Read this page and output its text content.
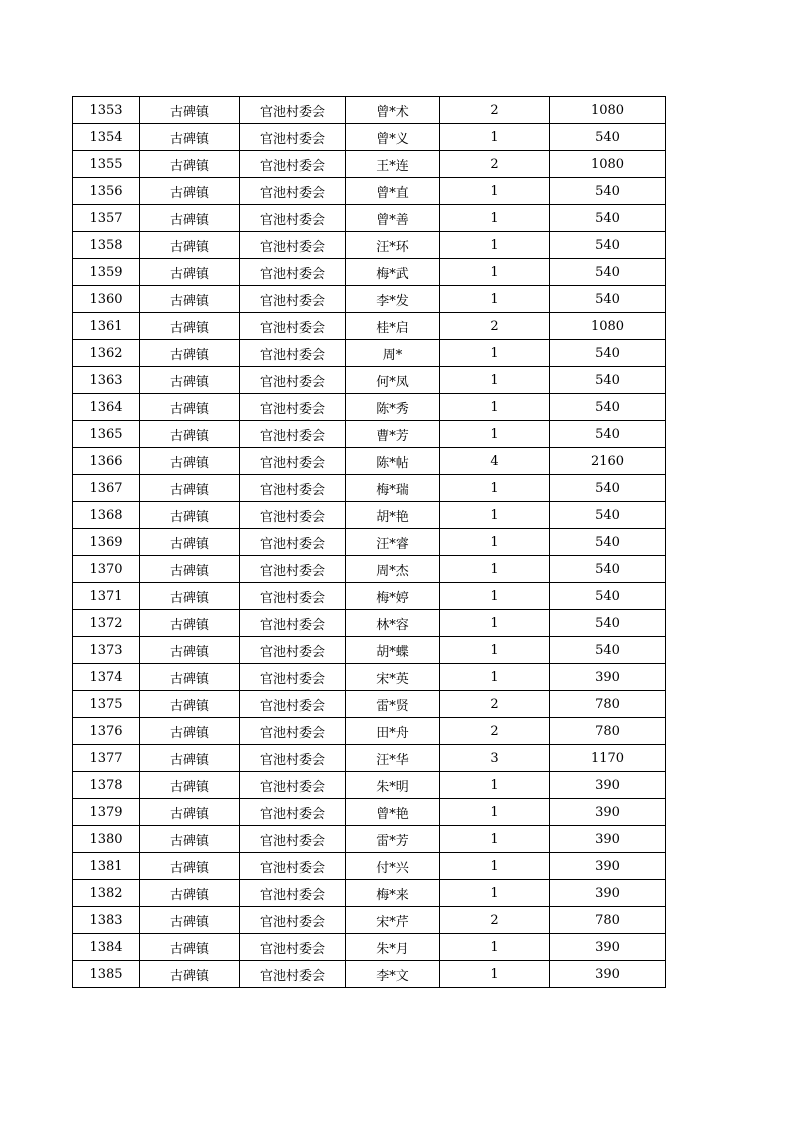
1353	古碑镇	官池村委会	曾*术	2	1080
1354	古碑镇	官池村委会	曾*义	1	540
1355	古碑镇	官池村委会	王*连	2	1080
1356	古碑镇	官池村委会	曾*直	1	540
1357	古碑镇	官池村委会	曾*善	1	540
1358	古碑镇	官池村委会	汪*环	1	540
1359	古碑镇	官池村委会	梅*武	1	540
1360	古碑镇	官池村委会	李*发	1	540
1361	古碑镇	官池村委会	桂*启	2	1080
1362	古碑镇	官池村委会	周*	1	540
1363	古碑镇	官池村委会	何*凤	1	540
1364	古碑镇	官池村委会	陈*秀	1	540
1365	古碑镇	官池村委会	曹*芳	1	540
1366	古碑镇	官池村委会	陈*帖	4	2160
1367	古碑镇	官池村委会	梅*瑞	1	540
1368	古碑镇	官池村委会	胡*艳	1	540
1369	古碑镇	官池村委会	汪*睿	1	540
1370	古碑镇	官池村委会	周*杰	1	540
1371	古碑镇	官池村委会	梅*婷	1	540
1372	古碑镇	官池村委会	林*容	1	540
1373	古碑镇	官池村委会	胡*蝶	1	540
1374	古碑镇	官池村委会	宋*英	1	390
1375	古碑镇	官池村委会	雷*贤	2	780
1376	古碑镇	官池村委会	田*舟	2	780
1377	古碑镇	官池村委会	汪*华	3	1170
1378	古碑镇	官池村委会	朱*明	1	390
1379	古碑镇	官池村委会	曾*艳	1	390
1380	古碑镇	官池村委会	雷*芳	1	390
1381	古碑镇	官池村委会	付*兴	1	390
1382	古碑镇	官池村委会	梅*来	1	390
1383	古碑镇	官池村委会	宋*芹	2	780
1384	古碑镇	官池村委会	朱*月	1	390
1385	古碑镇	官池村委会	李*文	1	390
